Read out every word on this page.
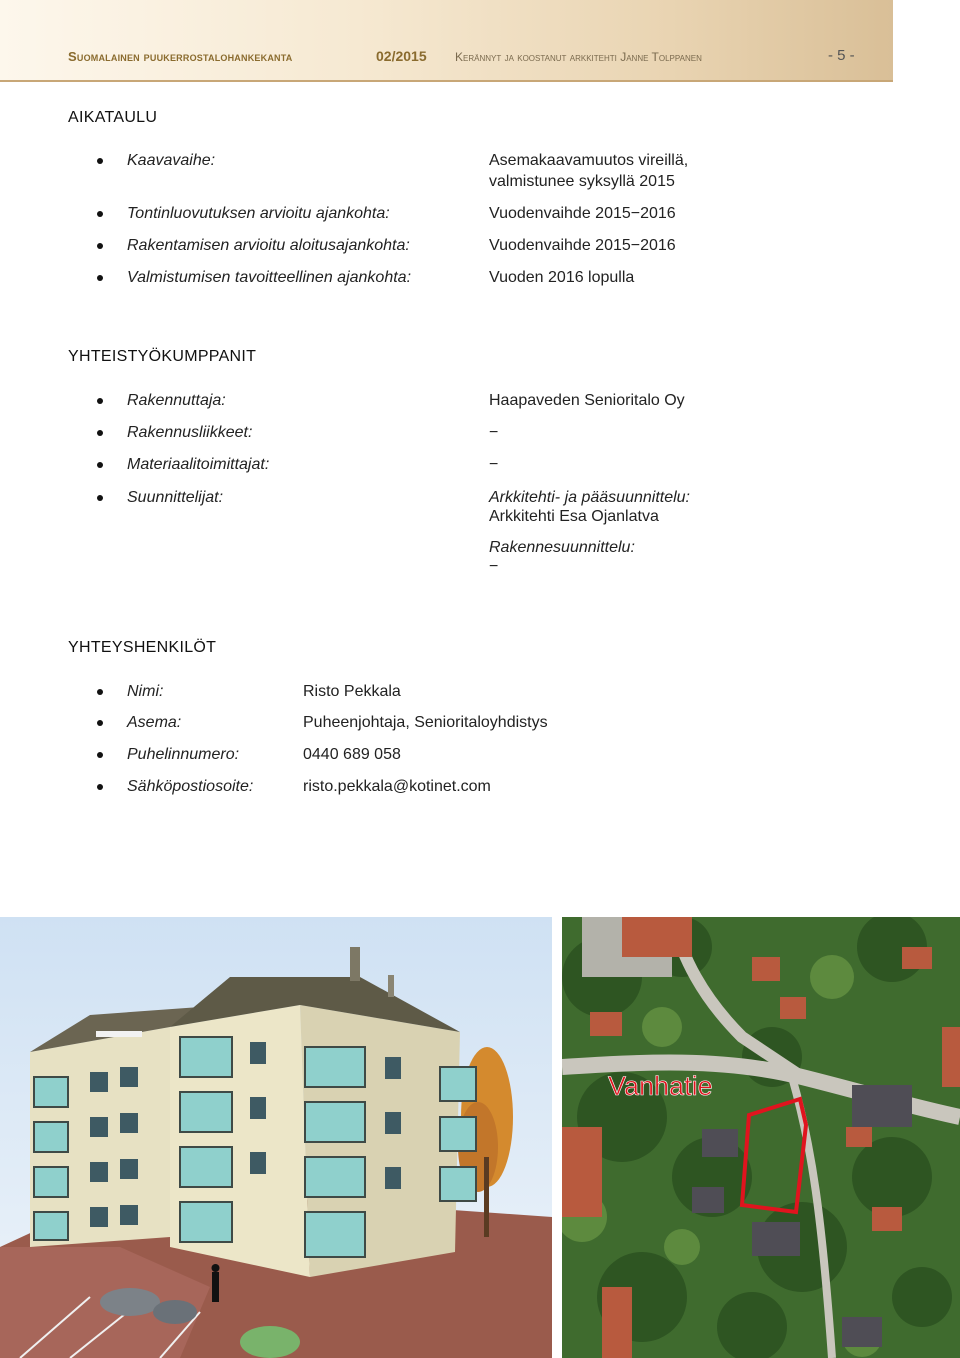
Suomalainen puukerrostalohankekanta	02/2015 Kerännyt ja koostanut arkkitehti Janne Tolppanen	- 5 -
AIKATAULU
Kaavavaihe:	Asemakaavamuutos vireillä,
valmistunee syksyllä 2015
Tontinluovutuksen arvioitu ajankohta:	Vuodenvaihde 2015−2016
Rakentamisen arvioitu aloitusajankohta:	Vuodenvaihde 2015−2016
Valmistumisen tavoitteellinen ajankohta:	Vuoden 2016 lopulla
YHTEISTYÖKUMPPANIT
Rakennuttaja:	Haapaveden Senioritalo Oy
Rakennusliikkeet:	−
Materiaalitoimittajat:	−
Suunnittelijat:	Arkkitehti- ja pääsuunnittelu:
Arkkitehti Esa Ojanlatva
Rakennesuunnittelu:
−
YHTEYSHENKILÖT
Nimi:	Risto Pekkala
Asema:	Puheenjohtaja, Senioritaloyhdistys
Puhelinnumero:	0440 689 058
Sähköpostiosoite:	risto.pekkala@kotinet.com
Vanhatie
